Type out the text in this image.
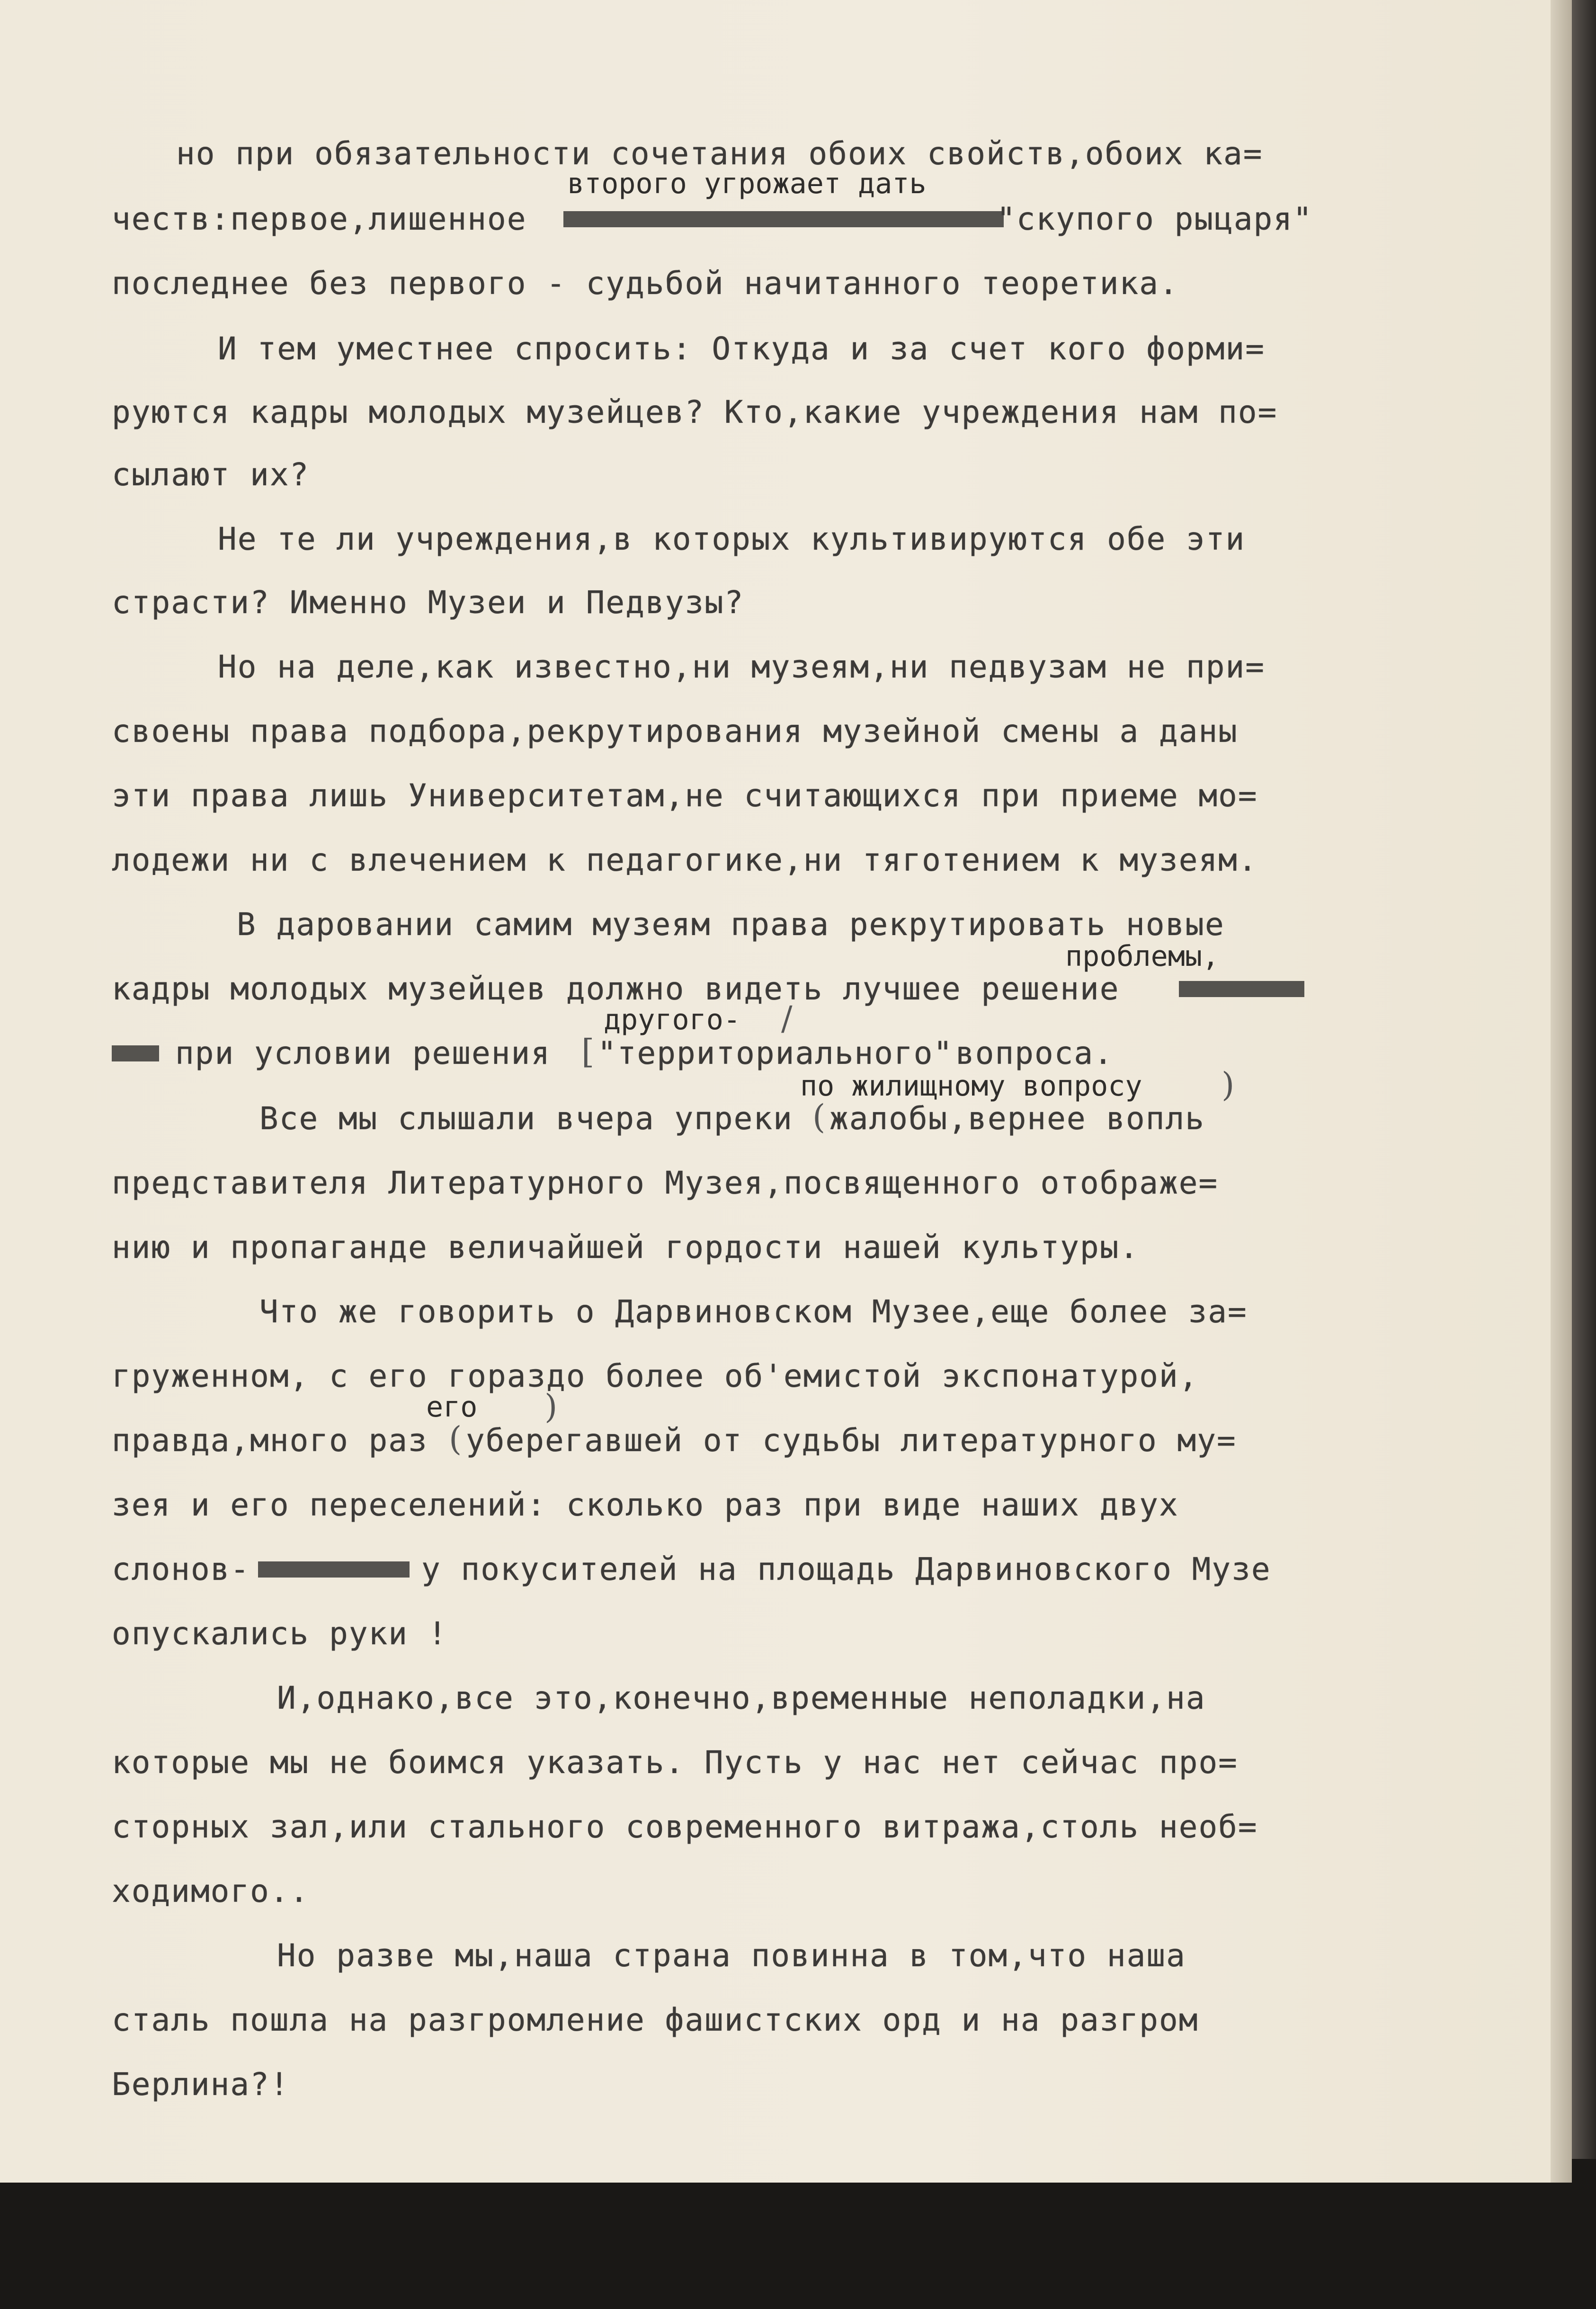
но при обязательности сочетания обоих свойств,обоих ка=
второго угрожает дать
честв:первое,лишенное	"скупого рыцаря"
последнее без первого - судьбой начитанного теоретика.
И тем уместнее спросить: Откуда и за счет кого форми=
руются кадры молодых музейцев? Кто,какие учреждения нам по=
сылают их?
Не те ли учреждения,в которых культивируются обе эти
страсти? Именно Музеи и Педвузы?
Но на деле,как известно,ни музеям,ни педвузам не при=
своены права подбора,рекрутирования музейной смены а даны
эти права лишь Университетам,не считающихся при приеме мо=
лодежи ни с влечением к педагогике,ни тяготением к музеям.
В даровании самим музеям права рекрутировать новые
проблемы,
кадры молодых музейцев должно видеть лучшее решение
другого- /
при условии решения [ "территориального" вопроса.
по жилищному вопросу )
Все мы слышали вчера упреки ( жалобы,вернее вопль
представителя Литературного Музея,посвященного отображе=
нию и пропаганде величайшей гордости нашей культуры.
Что же говорить о Дарвиновском Музее,еще более за=
груженном, с его гораздо более об'емистой экспонатурой,
его )
правда,много раз ( уберегавшей от судьбы литературного му=
зея и его переселений: сколько раз при виде наших двух
слонов-	у покусителей на площадь Дарвиновского Музе
опускались руки !
И,однако,все это,конечно,временные неполадки,на
которые мы не боимся указать. Пусть у нас нет сейчас про=
сторных зал,или стального современного витража,столь необ=
ходимого..
Но разве мы,наша страна повинна в том,что наша
сталь пошла на разгромление фашистских орд и на разгром
Берлина?!
